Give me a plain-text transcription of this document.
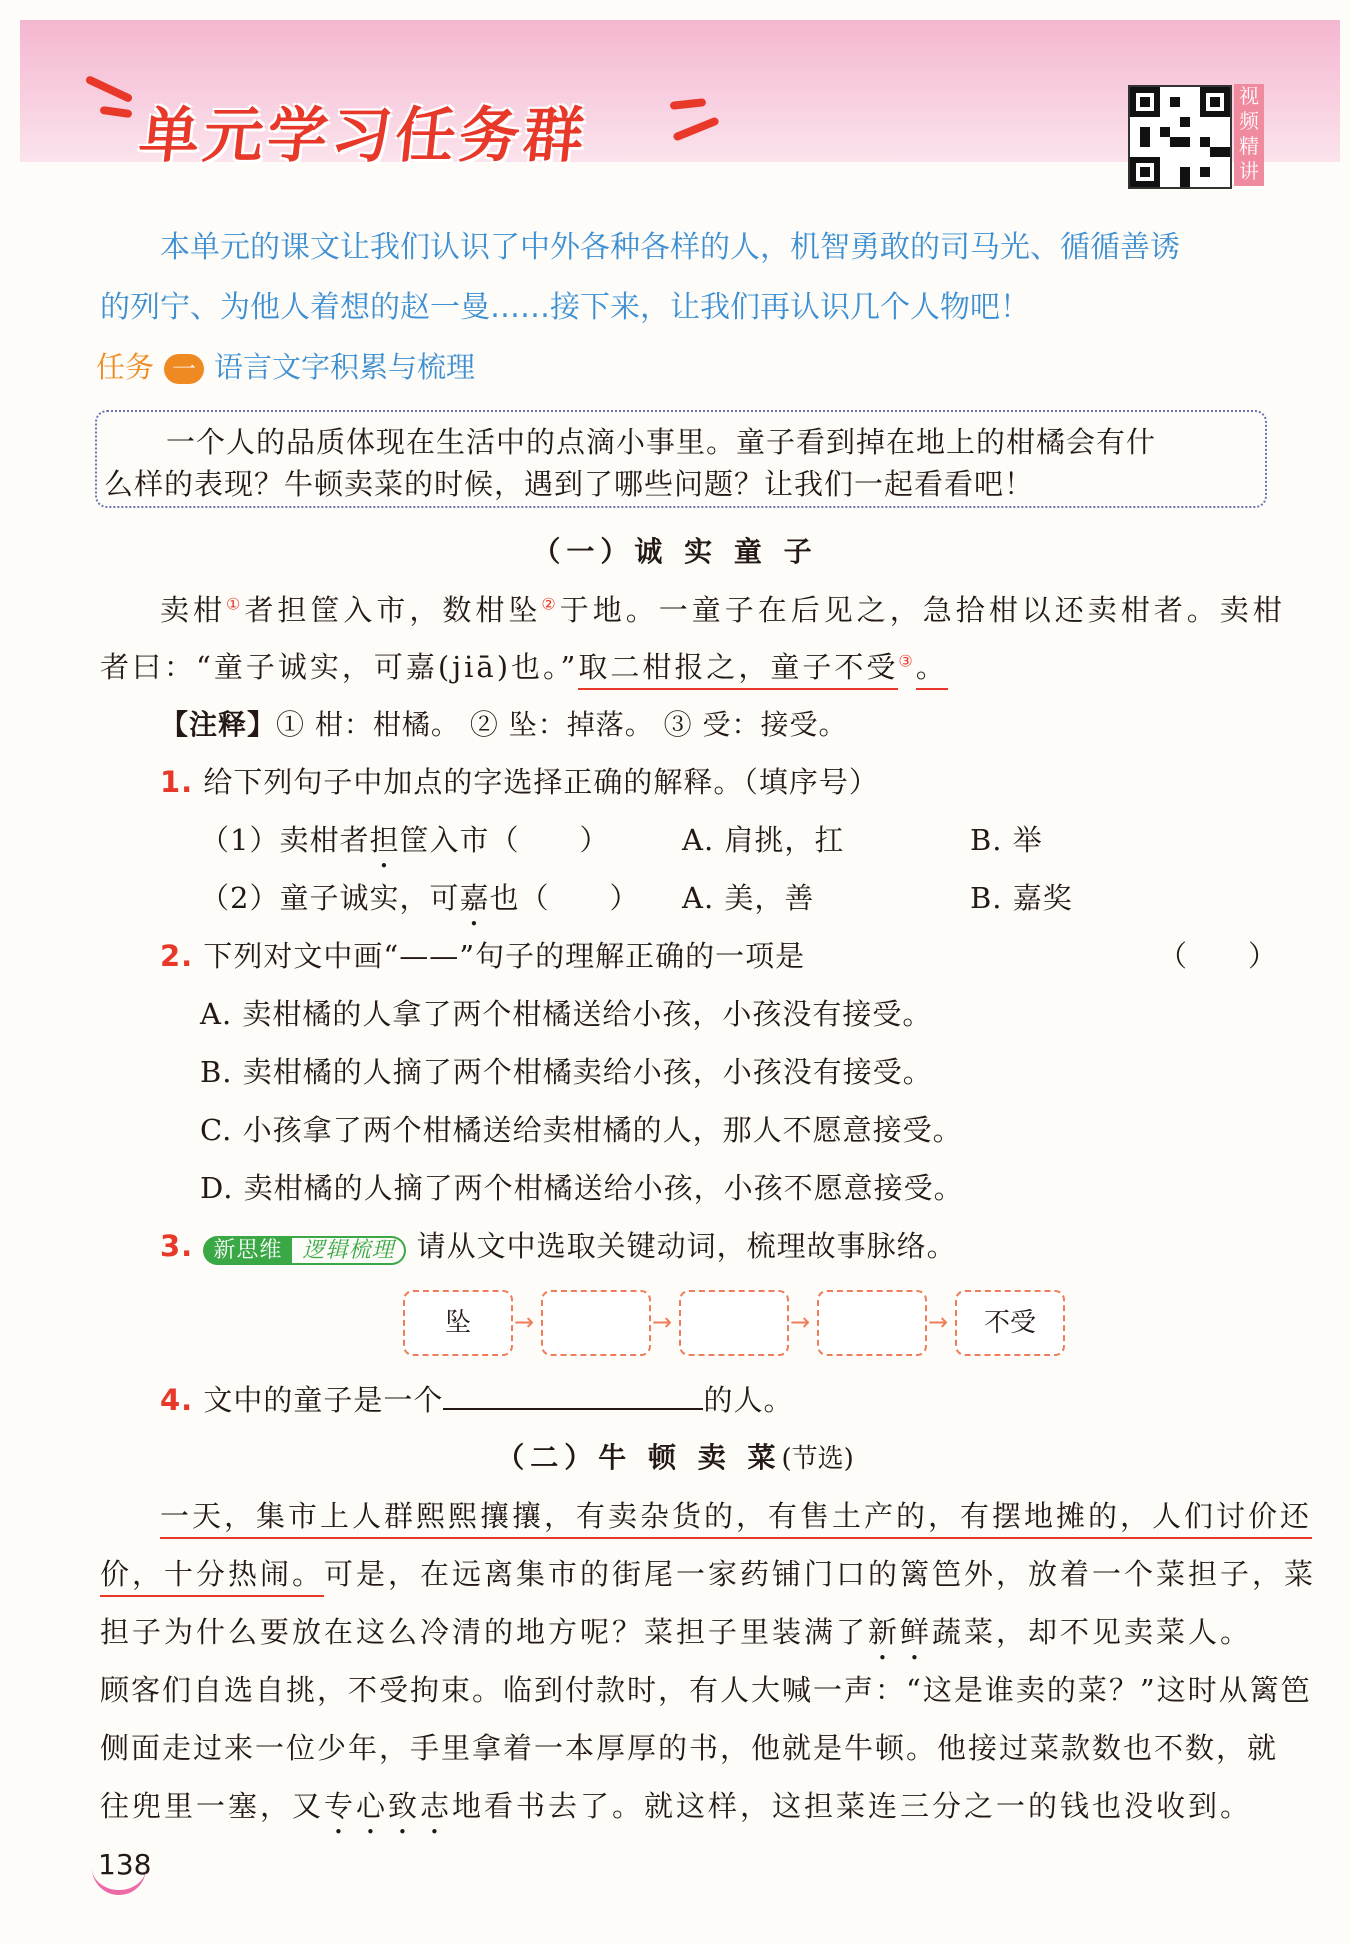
单元学习任务群
视频精讲
本单元的课文让我们认识了中外各种各样的人，机智勇敢的司马光、循循善诱
的列宁、为他人着想的赵一曼……接下来，让我们再认识几个人物吧！
任务 一 语言文字积累与梳理
一个人的品质体现在生活中的点滴小事里。童子看到掉在地上的柑橘会有什
么样的表现？牛顿卖菜的时候，遇到了哪些问题？让我们一起看看吧！
（一）诚 实 童 子
卖柑①者担筐入市，数柑坠②于地。一童子在后见之，急拾柑以还卖柑者。卖柑
者曰：“童子诚实，可嘉(jiā)也。”取二柑报之，童子不受③。
【注释】① 柑：柑橘。 ② 坠：掉落。 ③ 受：接受。
1. 给下列句子中加点的字选择正确的解释。（填序号）
（1）卖柑者担筐入市（　　）	A. 肩挑，扛	B. 举
（2）童子诚实，可嘉也（　　） A. 美，善	B. 嘉奖
2. 下列对文中画“——”句子的理解正确的一项是	（　　）
A. 卖柑橘的人拿了两个柑橘送给小孩，小孩没有接受。
B. 卖柑橘的人摘了两个柑橘卖给小孩，小孩没有接受。
C. 小孩拿了两个柑橘送给卖柑橘的人，那人不愿意接受。
D. 卖柑橘的人摘了两个柑橘送给小孩，小孩不愿意接受。
3. 新思维 逻辑梳理 请从文中选取关键动词，梳理故事脉络。
坠	→	→	→	→	不受
4. 文中的童子是一个	的人。
（二）牛 顿 卖 菜(节选)
一天，集市上人群熙熙攘攘，有卖杂货的，有售土产的，有摆地摊的，人们讨价还
价，十分热闹。可是，在远离集市的街尾一家药铺门口的篱笆外，放着一个菜担子，菜
担子为什么要放在这么冷清的地方呢？菜担子里装满了新鲜蔬菜，却不见卖菜人。
顾客们自选自挑，不受拘束。临到付款时，有人大喊一声：“这是谁卖的菜？”这时从篱笆
侧面走过来一位少年，手里拿着一本厚厚的书，他就是牛顿。他接过菜款数也不数，就
往兜里一塞，又专心致志地看书去了。就这样，这担菜连三分之一的钱也没收到。
138
